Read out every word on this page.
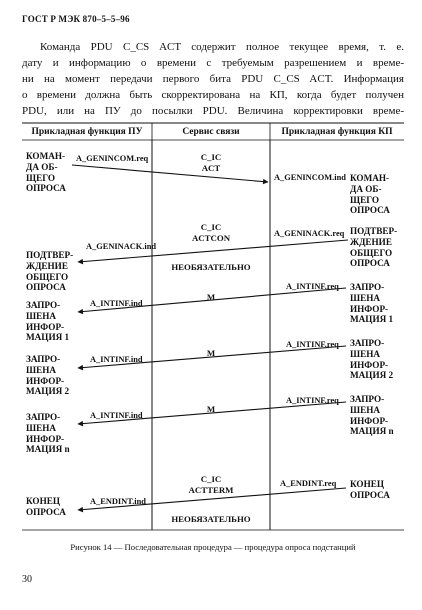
ГОСТ Р МЭК 870–5–5–96

Команда PDU C_CS ACT содержит полное текущее время, т. е.

дату и информацию о времени с требуемым разрешением и време-

ни на момент передачи первого бита PDU C_CS ACT. Информация

о времени должна быть скорректирована на КП, когда будет получен

PDU, или на ПУ до посылки PDU. Величина корректировки време-

Прикладная функция ПУ	Сервис связи	Прикладная функция КП
КОМАН-
ДА ОБ-
ЩЕГО
ОПРОСА
A_GENINCOM.req	C_IC
ACT
A_GENINCOM.ind КОМАН-
ДА ОБ-
ЩЕГО
ОПРОСА
C_IC
ACTCON	A_GENINACK.req ПОДТВЕР-
ЖДЕНИЕ
ОБЩЕГО
ОПРОСА
A_GENINACK.ind
ПОДТВЕР-
ЖДЕНИЕ
ОБЩЕГО
ОПРОСА
НЕОБЯЗАТЕЛЬНО
A_INTINF.req ЗАПРО-
ШЕНА
ИНФОР-
МАЦИЯ 1
M
A_INTINF.ind
ЗАПРО-
ШЕНА
ИНФОР-
МАЦИЯ 1
A_INTINF.req ЗАПРО-
ШЕНА
ИНФОР-
МАЦИЯ 2
M
A_INTINF.ind
ЗАПРО-
ШЕНА
ИНФОР-
МАЦИЯ 2
A_INTINF.req ЗАПРО-
ШЕНА
ИНФОР-
МАЦИЯ n
M
A_INTINF.ind
ЗАПРО-
ШЕНА
ИНФОР-
МАЦИЯ n
C_IC
ACTTERM
A_ENDINT.req КОНЕЦ
ОПРОСА
A_ENDINT.ind
КОНЕЦ
ОПРОСА
НЕОБЯЗАТЕЛЬНО
Рисунок 14 — Последовательная процедура — процедура опроса подстанций
30
